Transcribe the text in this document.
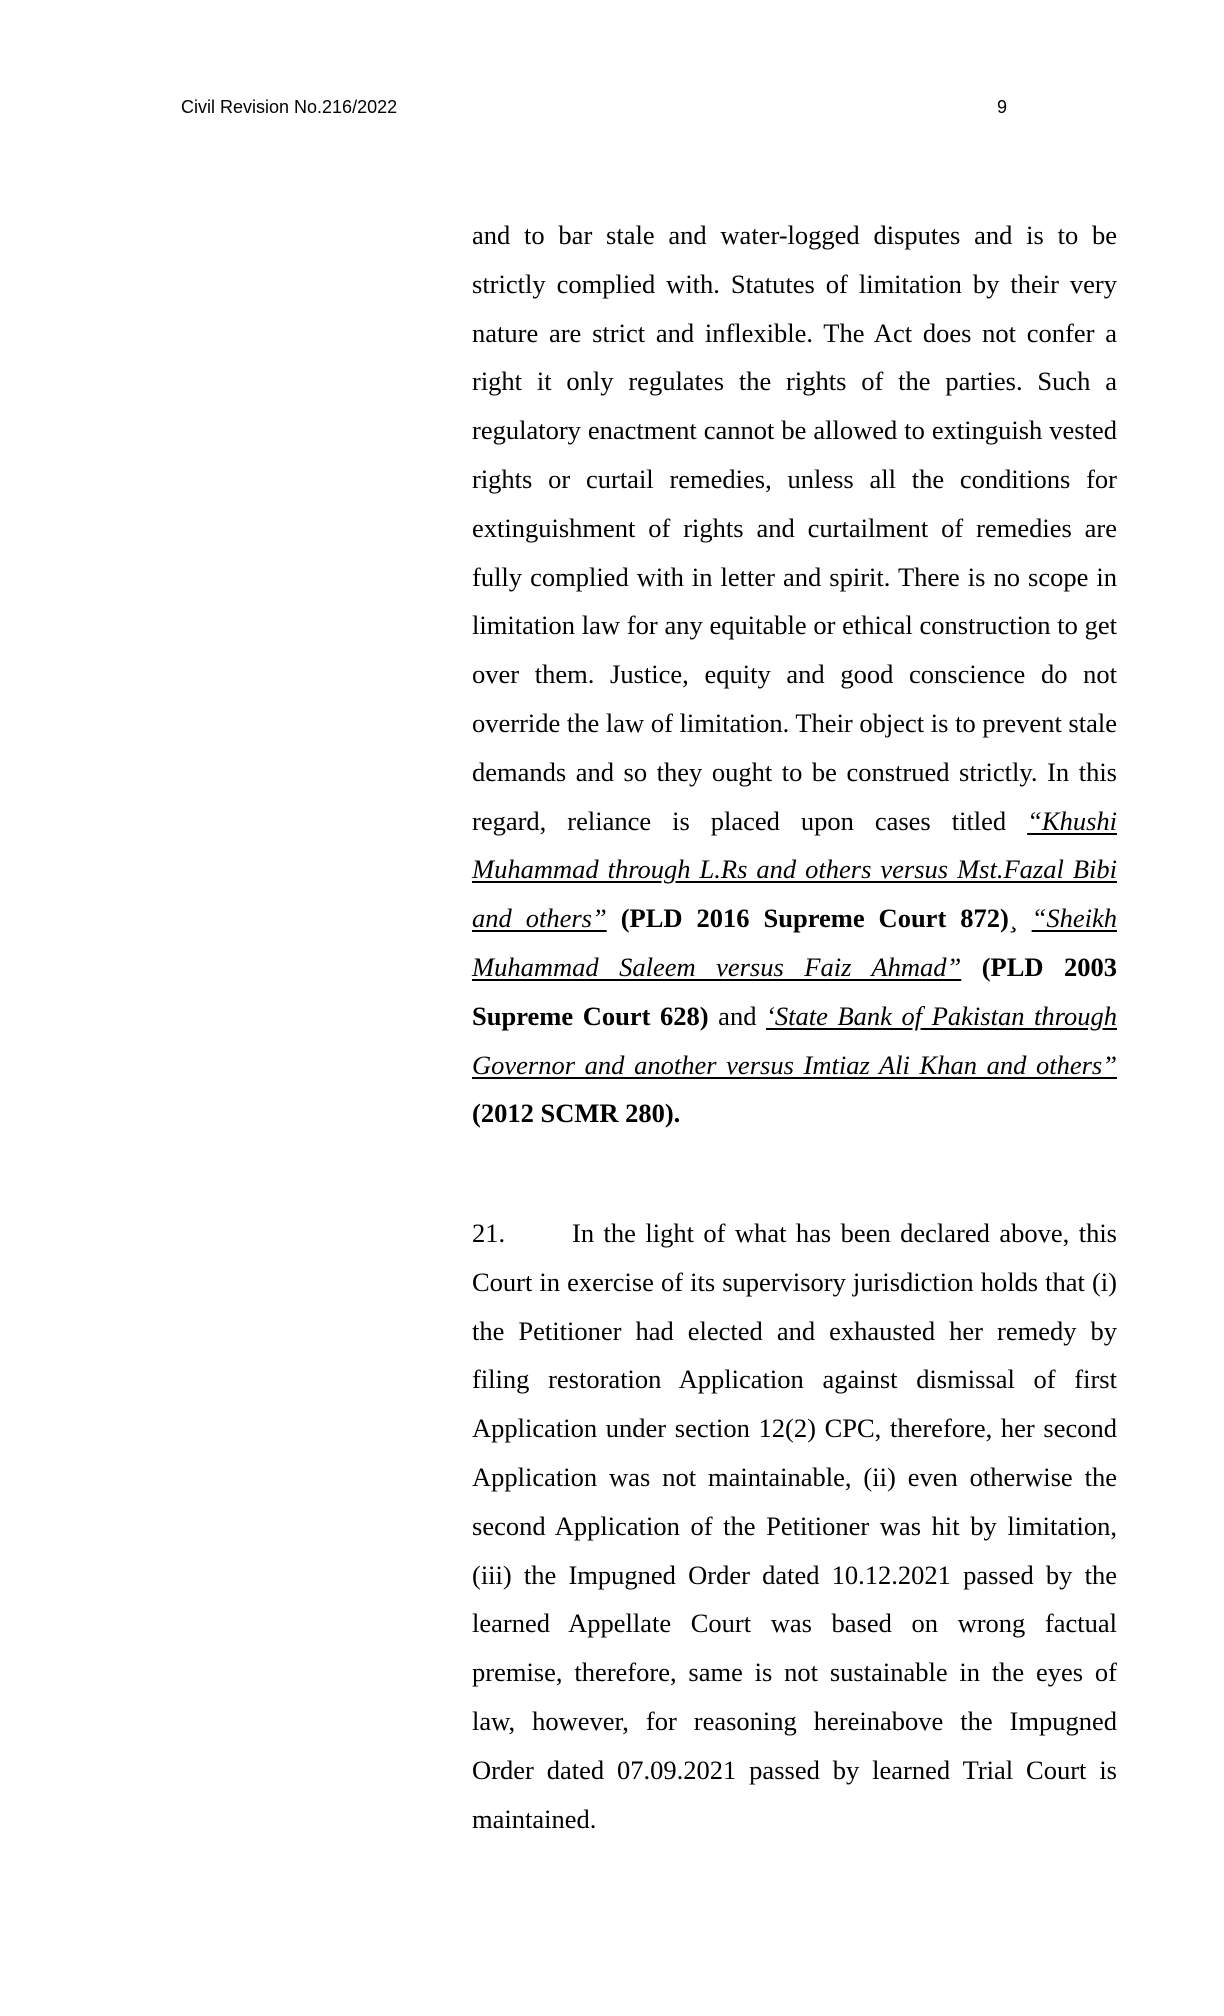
Civil Revision No.216/2022	9
and to bar stale and water-logged disputes and is to be strictly complied with. Statutes of limitation by their very nature are strict and inflexible. The Act does not confer a right it only regulates the rights of the parties. Such a regulatory enactment cannot be allowed to extinguish vested rights or curtail remedies, unless all the conditions for extinguishment of rights and curtailment of remedies are fully complied with in letter and spirit. There is no scope in limitation law for any equitable or ethical construction to get over them. Justice, equity and good conscience do not override the law of limitation. Their object is to prevent stale demands and so they ought to be construed strictly. In this regard, reliance is placed upon cases titled “Khushi Muhammad through L.Rs and others versus Mst.Fazal Bibi and others” (PLD 2016 Supreme Court 872)¸ “Sheikh Muhammad Saleem versus Faiz Ahmad” (PLD 2003 Supreme Court 628) and ‘State Bank of Pakistan through Governor and another versus Imtiaz Ali Khan and others” (2012 SCMR 280).
21.	In the light of what has been declared above, this Court in exercise of its supervisory jurisdiction holds that (i) the Petitioner had elected and exhausted her remedy by filing restoration Application against dismissal of first Application under section 12(2) CPC, therefore, her second Application was not maintainable, (ii) even otherwise the second Application of the Petitioner was hit by limitation, (iii) the Impugned Order dated 10.12.2021 passed by the learned Appellate Court was based on wrong factual premise, therefore, same is not sustainable in the eyes of law, however, for reasoning hereinabove the Impugned Order dated 07.09.2021 passed by learned Trial Court is maintained.
